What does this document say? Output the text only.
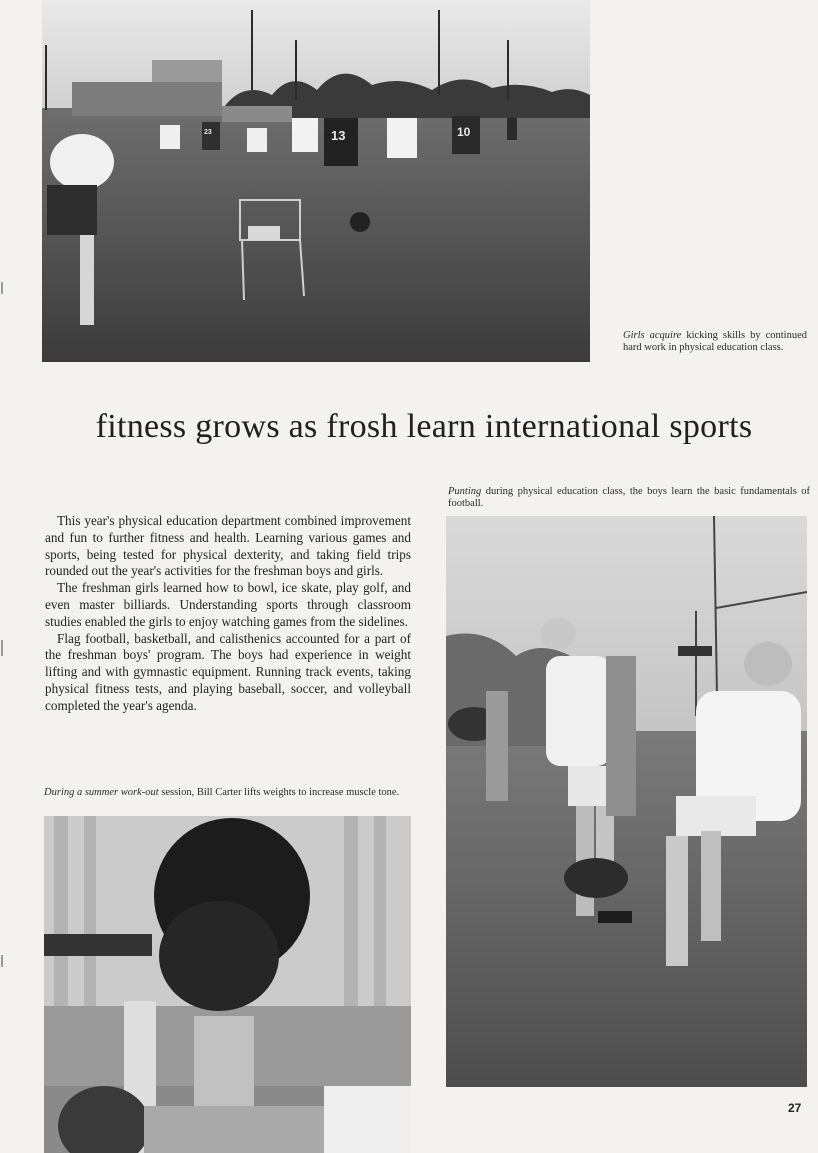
13	10
23
Girls acquire kicking skills by continued hard work in physical education class.
fitness grows as frosh learn international sports
Punting during physical education class, the boys learn the basic fundamentals of football.

This year's physical education department combined improvement and fun to further fitness and health. Learning various games and sports, being tested for physical dexterity, and taking field trips rounded out the year's activities for the freshman boys and girls.

The freshman girls learned how to bowl, ice skate, play golf, and even master billiards. Understanding sports through classroom studies enabled the girls to enjoy watching games from the sidelines.

Flag football, basketball, and calisthenics accounted for a part of the freshman boys' program. The boys had experience in weight lifting and with gymnastic equipment. Running track events, taking physical fitness tests, and playing baseball, soccer, and volleyball completed the year's agenda.

During a summer work-out session, Bill Carter lifts weights to increase muscle tone.
27
